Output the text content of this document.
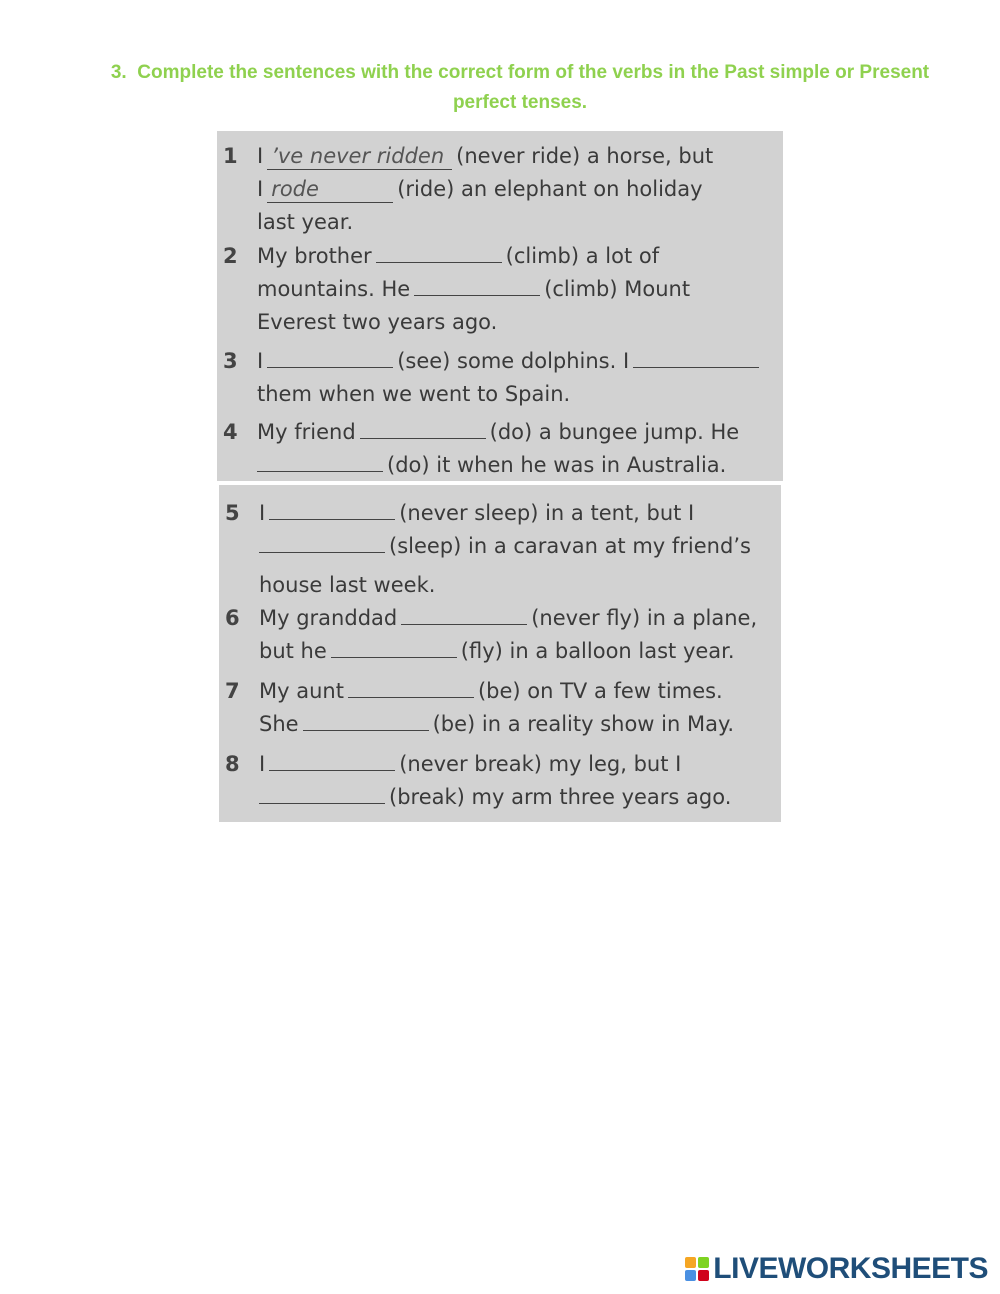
3. Complete the sentences with the correct form of the verbs in the Past simple or Present perfect tenses.
1 I ’ve never ridden (never ride) a horse, but
I rode	(ride) an elephant on holiday
last year.
2 My brother	(climb) a lot of
mountains. He	(climb) Mount
Everest two years ago.
3 I	(see) some dolphins. I
them when we went to Spain.
4 My friend	(do) a bungee jump. He
(do) it when he was in Australia.
5 I	(never sleep) in a tent, but I
(sleep) in a caravan at my friend’s
house last week.
6 My granddad	(never fly) in a plane,
but he	(fly) in a balloon last year.
7 My aunt	(be) on TV a few times.
She	(be) in a reality show in May.
8 I	(never break) my leg, but I
(break) my arm three years ago.
LIVEWORKSHEETS
